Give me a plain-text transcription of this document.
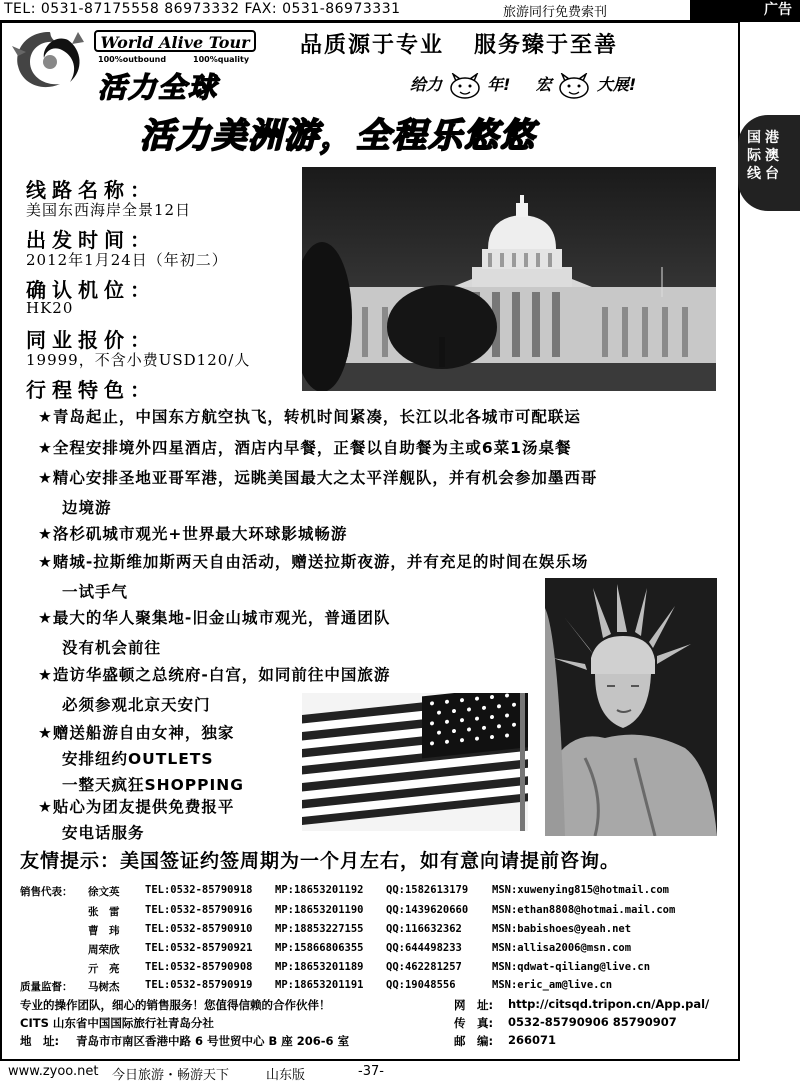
TEL: 0531-87175558 86973332 FAX: 0531-86973331	旅游同行免费索刊	广告
国
际
线
港
澳
台
World Alive Tour
100%outbound	100%quality
活力全球
品质源于专业 服务臻于至善
给力	年! 宏	大展!
活力美洲游，全程乐悠悠
线路名称：
美国东西海岸全景12日
出发时间：
2012年1月24日（年初二）
确认机位：
HK20
同业报价：
19999，不含小费USD120/人
行程特色：
★青岛起止，中国东方航空执飞，转机时间紧凑，长江以北各城市可配联运
★全程安排境外四星酒店，酒店内早餐，正餐以自助餐为主或6菜1汤桌餐
★精心安排圣地亚哥军港，远眺美国最大之太平洋舰队，并有机会参加墨西哥
边境游
★洛杉矶城市观光+世界最大环球影城畅游
★赌城-拉斯维加斯两天自由活动，赠送拉斯夜游，并有充足的时间在娱乐场
一试手气
★最大的华人聚集地-旧金山城市观光，普通团队
没有机会前往
★造访华盛顿之总统府-白宫，如同前往中国旅游
必须参观北京天安门
★赠送船游自由女神，独家
安排纽约OUTLETS
一整天疯狂SHOPPING
★贴心为团友提供免费报平
安电话服务
友情提示：美国签证约签周期为一个月左右，如有意向请提前咨询。
销售代表： 徐文英 TEL:0532-85790918 MP:18653201192 QQ:1582613179 MSN:xuwenying815@hotmail.com
张　雷 TEL:0532-85790916 MP:18653201190 QQ:1439620660 MSN:ethan8808@hotmai.mail.com
曹　玮 TEL:0532-85790910 MP:18853227155 QQ:116632362	MSN:babishoes@yeah.net
周荣欣 TEL:0532-85790921 MP:15866806355 QQ:644498233	MSN:allisa2006@msn.com
亓　亮 TEL:0532-85790908 MP:18653201189 QQ:462281257	MSN:qdwat-qiliang@live.cn
质量监督： 马树杰 TEL:0532-85790919 MP:18653201191 QQ:19048556	MSN:eric_am@live.cn
专业的操作团队，细心的销售服务！您值得信赖的合作伙伴！	网　址: http://citsqd.tripon.cn/App.pal/
CITS 山东省中国国际旅行社青岛分社	传　真: 0532-85790906 85790907
地　址: 青岛市市南区香港中路 6 号世贸中心 B 座 206-6 室	邮　编: 266071
www.zyoo.net 今日旅游・畅游天下	山东版	-37-
